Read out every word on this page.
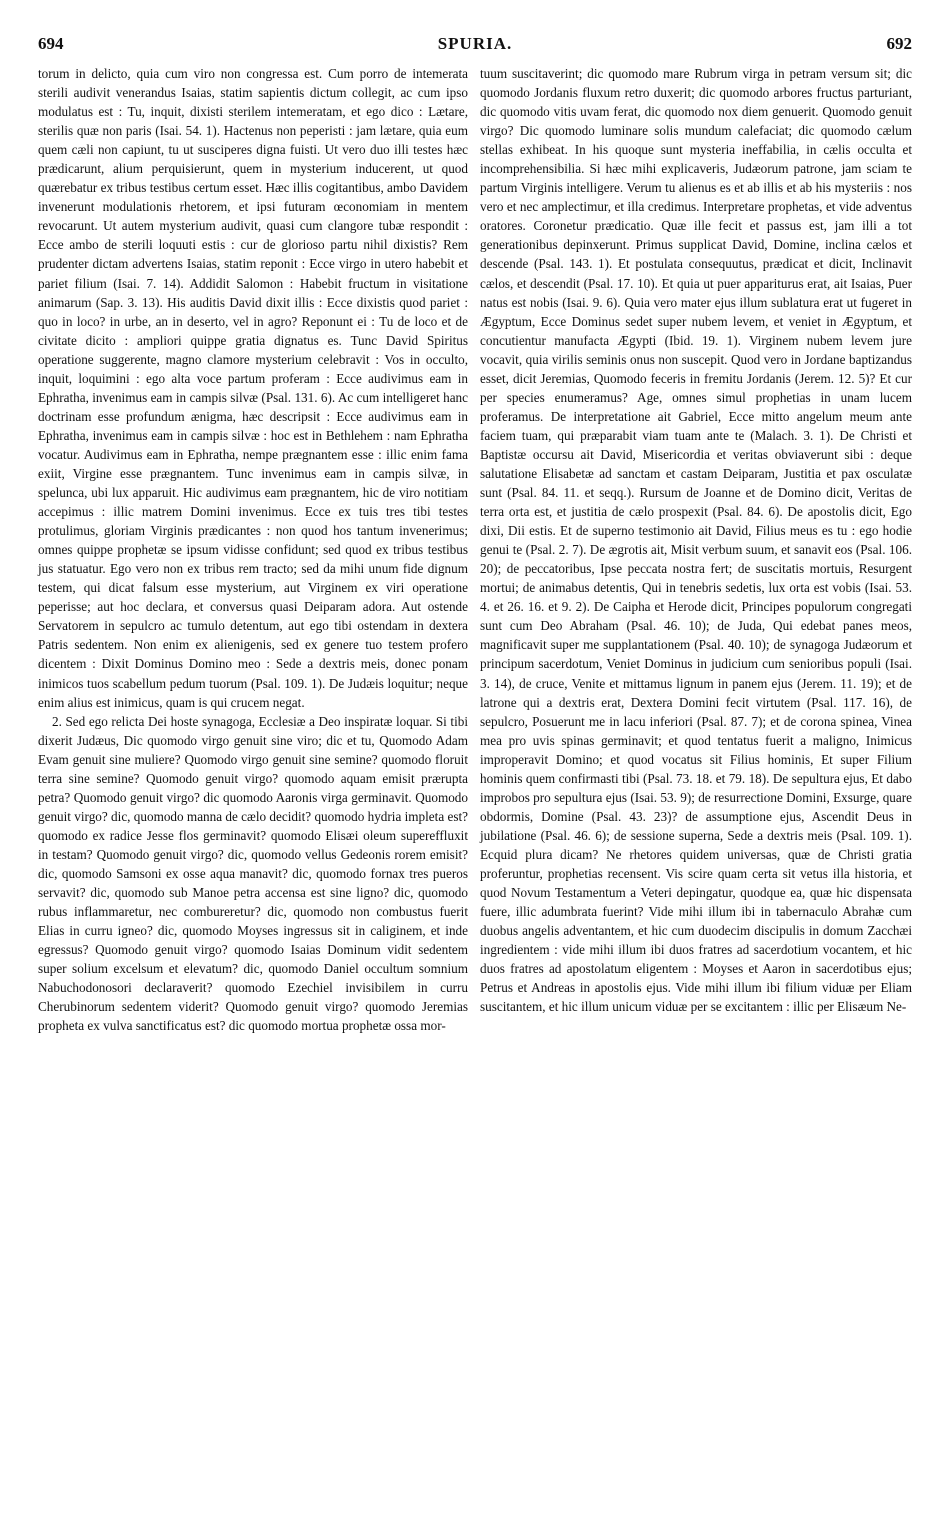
694	SPURIA.	692

torum in delicto, quia cum viro non congressa est. Cum porro de intemerata sterili audivit venerandus Isaias, statim sapientis dictum collegit, ac cum ipso modulatus est : Tu, inquit, dixisti sterilem intemeratam, et ego dico : Lætare, sterilis quæ non paris (Isai. 54. 1). Hactenus non peperisti : jam lætare, quia eum quem cæli non capiunt, tu ut susciperes digna fuisti. Ut vero duo illi testes hæc prædicarunt, alium perquisierunt, quem in mysterium inducerent, ut quod quærebatur ex tribus testibus certum esset. Hæc illis cogitantibus, ambo Davidem invenerunt modulationis rhetorem, et ipsi futuram œconomiam in mentem revocarunt. Ut autem mysterium audivit, quasi cum clangore tubæ respondit : Ecce ambo de sterili loquuti estis : cur de glorioso partu nihil dixistis? Rem prudenter dictam advertens Isaias, statim reponit : Ecce virgo in utero habebit et pariet filium (Isai. 7. 14). Addidit Salomon : Habebit fructum in visitatione animarum (Sap. 3. 13). His auditis David dixit illis : Ecce dixistis quod pariet : quo in loco? in urbe, an in deserto, vel in agro? Reponunt ei : Tu de loco et de civitate dicito : ampliori quippe gratia dignatus es. Tunc David Spiritus operatione suggerente, magno clamore mysterium celebravit : Vos in occulto, inquit, loquimini : ego alta voce partum proferam : Ecce audivimus eam in Ephratha, invenimus eam in campis silvæ (Psal. 131. 6). Ac cum intelligeret hanc doctrinam esse profundum ænigma, hæc descripsit : Ecce audivimus eam in Ephratha, invenimus eam in campis silvæ : hoc est in Bethlehem : nam Ephratha vocatur. Audivimus eam in Ephratha, nempe prægnantem esse : illic enim fama exiit, Virgine esse prægnantem. Tunc invenimus eam in campis silvæ, in spelunca, ubi lux apparuit. Hic audivimus eam prægnantem, hic de viro notitiam accepimus : illic matrem Domini invenimus. Ecce ex tuis tres tibi testes protulimus, gloriam Virginis prædicantes : non quod hos tantum invenerimus; omnes quippe prophetæ se ipsum vidisse confidunt; sed quod ex tribus testibus jus statuatur. Ego vero non ex tribus rem tracto; sed da mihi unum fide dignum testem, qui dicat falsum esse mysterium, aut Virginem ex viri operatione peperisse; aut hoc declara, et conversus quasi Deiparam adora. Aut ostende Servatorem in sepulcro ac tumulo detentum, aut ego tibi ostendam in dextera Patris sedentem. Non enim ex alienigenis, sed ex genere tuo testem profero dicentem : Dixit Dominus Domino meo : Sede a dextris meis, donec ponam inimicos tuos scabellum pedum tuorum (Psal. 109. 1). De Judæis loquitur; neque enim alius est inimicus, quam is qui crucem negat.

2. Sed ego relicta Dei hoste synagoga, Ecclesiæ a Deo inspiratæ loquar. Si tibi dixerit Judæus, Dic quomodo virgo genuit sine viro; dic et tu, Quomodo Adam Evam genuit sine muliere? Quomodo virgo genuit sine semine? quomodo floruit terra sine semine? Quomodo genuit virgo? quomodo aquam emisit prærupta petra? Quomodo genuit virgo? dic quomodo Aaronis virga germinavit. Quomodo genuit virgo? dic, quomodo manna de cælo decidit? quomodo hydria impleta est? quomodo ex radice Jesse flos germinavit? quomodo Elisæi oleum supereffluxit in testam? Quomodo genuit virgo? dic, quomodo vellus Gedeonis rorem emisit? dic, quomodo Samsoni ex osse aqua manavit? dic, quomodo fornax tres pueros servavit? dic, quomodo sub Manoe petra accensa est sine ligno? dic, quomodo rubus inflammaretur, nec combureretur? dic, quomodo non combustus fuerit Elias in curru igneo? dic, quomodo Moyses ingressus sit in caliginem, et inde egressus? Quomodo genuit virgo? quomodo Isaias Dominum vidit sedentem super solium excelsum et elevatum? dic, quomodo Daniel occultum somnium Nabuchodonosori declaraverit? quomodo Ezechiel invisibilem in curru Cherubinorum sedentem viderit? Quomodo genuit virgo? quomodo Jeremias propheta ex vulva sanctificatus est? dic quomodo mortua prophetæ ossa mor-

tuum suscitaverint; dic quomodo mare Rubrum virga in petram versum sit; dic quomodo Jordanis fluxum retro duxerit; dic quomodo arbores fructus parturiant, dic quomodo vitis uvam ferat, dic quomodo nox diem genuerit. Quomodo genuit virgo? Dic quomodo luminare solis mundum calefaciat; dic quomodo cælum stellas exhibeat. In his quoque sunt mysteria ineffabilia, in cælis occulta et incomprehensibilia. Si hæc mihi explicaveris, Judæorum patrone, jam sciam te partum Virginis intelligere. Verum tu alienus es et ab illis et ab his mysteriis : nos vero et nec amplectimur, et illa credimus. Interpretare prophetas, et vide adventus oratores. Coronetur prædicatio. Quæ ille fecit et passus est, jam illi a tot generationibus depinxerunt. Primus supplicat David, Domine, inclina cælos et descende (Psal. 143. 1). Et postulata consequutus, prædicat et dicit, Inclinavit cælos, et descendit (Psal. 17. 10). Et quia ut puer appariturus erat, ait Isaias, Puer natus est nobis (Isai. 9. 6). Quia vero mater ejus illum sublatura erat ut fugeret in Ægyptum, Ecce Dominus sedet super nubem levem, et veniet in Ægyptum, et concutientur manufacta Ægypti (Ibid. 19. 1). Virginem nubem levem jure vocavit, quia virilis seminis onus non suscepit. Quod vero in Jordane baptizandus esset, dicit Jeremias, Quomodo feceris in fremitu Jordanis (Jerem. 12. 5)? Et cur per species enumeramus? Age, omnes simul prophetias in unam lucem proferamus. De interpretatione ait Gabriel, Ecce mitto angelum meum ante faciem tuam, qui præparabit viam tuam ante te (Malach. 3. 1). De Christi et Baptistæ occursu ait David, Misericordia et veritas obviaverunt sibi : deque salutatione Elisabetæ ad sanctam et castam Deiparam, Justitia et pax osculatæ sunt (Psal. 84. 11. et seqq.). Rursum de Joanne et de Domino dicit, Veritas de terra orta est, et justitia de cælo prospexit (Psal. 84. 6). De apostolis dicit, Ego dixi, Dii estis. Et de superno testimonio ait David, Filius meus es tu : ego hodie genui te (Psal. 2. 7). De ægrotis ait, Misit verbum suum, et sanavit eos (Psal. 106. 20); de peccatoribus, Ipse peccata nostra fert; de suscitatis mortuis, Resurgent mortui; de animabus detentis, Qui in tenebris sedetis, lux orta est vobis (Isai. 53. 4. et 26. 16. et 9. 2). De Caipha et Herode dicit, Principes populorum congregati sunt cum Deo Abraham (Psal. 46. 10); de Juda, Qui edebat panes meos, magnificavit super me supplantationem (Psal. 40. 10); de synagoga Judæorum et principum sacerdotum, Veniet Dominus in judicium cum senioribus populi (Isai. 3. 14), de cruce, Venite et mittamus lignum in panem ejus (Jerem. 11. 19); et de latrone qui a dextris erat, Dextera Domini fecit virtutem (Psal. 117. 16), de sepulcro, Posuerunt me in lacu inferiori (Psal. 87. 7); et de corona spinea, Vinea mea pro uvis spinas germinavit; et quod tentatus fuerit a maligno, Inimicus improperavit Domino; et quod vocatus sit Filius hominis, Et super Filium hominis quem confirmasti tibi (Psal. 73. 18. et 79. 18). De sepultura ejus, Et dabo improbos pro sepultura ejus (Isai. 53. 9); de resurrectione Domini, Exsurge, quare obdormis, Domine (Psal. 43. 23)? de assumptione ejus, Ascendit Deus in jubilatione (Psal. 46. 6); de sessione superna, Sede a dextris meis (Psal. 109. 1). Ecquid plura dicam? Ne rhetores quidem universas, quæ de Christi gratia proferuntur, prophetias recensent. Vis scire quam certa sit vetus illa historia, et quod Novum Testamentum a Veteri depingatur, quodque ea, quæ hic dispensata fuere, illic adumbrata fuerint? Vide mihi illum ibi in tabernaculo Abrahæ cum duobus angelis adventantem, et hic cum duodecim discipulis in domum Zacchæi ingredientem : vide mihi illum ibi duos fratres ad sacerdotium vocantem, et hic duos fratres ad apostolatum eligentem : Moyses et Aaron in sacerdotibus ejus; Petrus et Andreas in apostolis ejus. Vide mihi illum ibi filium viduæ per Eliam suscitantem, et hic illum unicum viduæ per se excitantem : illic per Elisæum Ne-
